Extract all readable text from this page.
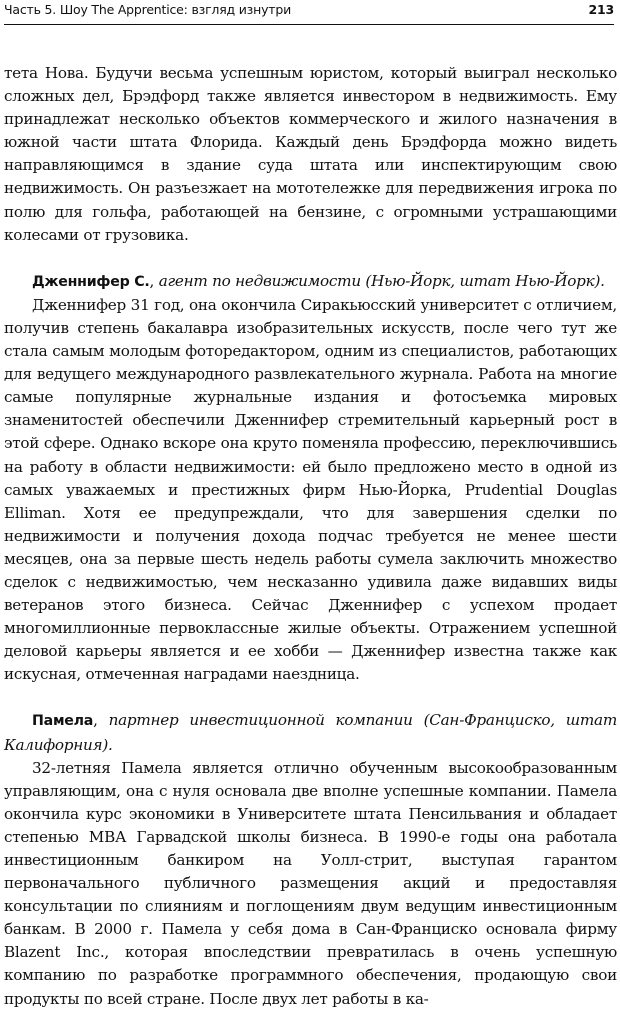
Часть 5. Шоу The Apprentice: взгляд изнутри	213

тета Нова. Будучи весьма успешным юристом, который выиграл несколько сложных дел, Брэдфорд также является инвестором в недвижимость. Ему принадлежат несколько объектов коммерческого и жилого назначения в южной части штата Флорида. Каждый день Брэдфорда можно видеть направляющимся в здание суда штата или инспектирующим свою недвижимость. Он разъезжает на мототележке для передвижения игрока по полю для гольфа, работающей на бензине, с огромными устрашающими колесами от грузовика.

Дженнифер С., агент по недвижимости (Нью-Йорк, штат Нью-Йорк).

Дженнифер 31 год, она окончила Сиракьюсский университет с отличием, получив степень бакалавра изобразительных искусств, после чего тут же стала самым молодым фоторедактором, одним из специалистов, работающих для ведущего международного развлекательного журнала. Работа на многие самые популярные журнальные издания и фотосъемка мировых знаменитостей обеспечили Дженнифер стремительный карьерный рост в этой сфере. Однако вскоре она круто поменяла профессию, переключившись на работу в области недвижимости: ей было предложено место в одной из самых уважаемых и престижных фирм Нью-Йорка, Prudential Douglas Elliman. Хотя ее предупреждали, что для завершения сделки по недвижимости и получения дохода подчас требуется не менее шести месяцев, она за первые шесть недель работы сумела заключить множество сделок с недвижимостью, чем несказанно удивила даже видавших виды ветеранов этого бизнеса. Сейчас Дженнифер с успехом продает многомиллионные первоклассные жилые объекты. Отражением успешной деловой карьеры является и ее хобби — Дженнифер известна также как искусная, отмеченная наградами наездница.

Памела, партнер инвестиционной компании (Сан-Франциско, штат Калифорния).

32-летняя Памела является отлично обученным высокообразованным управляющим, она с нуля основала две вполне успешные компании. Памела окончила курс экономики в Университете штата Пенсильвания и обладает степенью МВА Гарвадской школы бизнеса. В 1990-е годы она работала инвестиционным банкиром на Уолл-стрит, выступая гарантом первоначального публичного размещения акций и предоставляя консультации по слияниям и поглощениям двум ведущим инвестиционным банкам. В 2000 г. Памела у себя дома в Сан-Франциско основала фирму Blazent Inc., которая впоследствии превратилась в очень успешную компанию по разработке программного обеспечения, продающую свои продукты по всей стране. После двух лет работы в ка-
